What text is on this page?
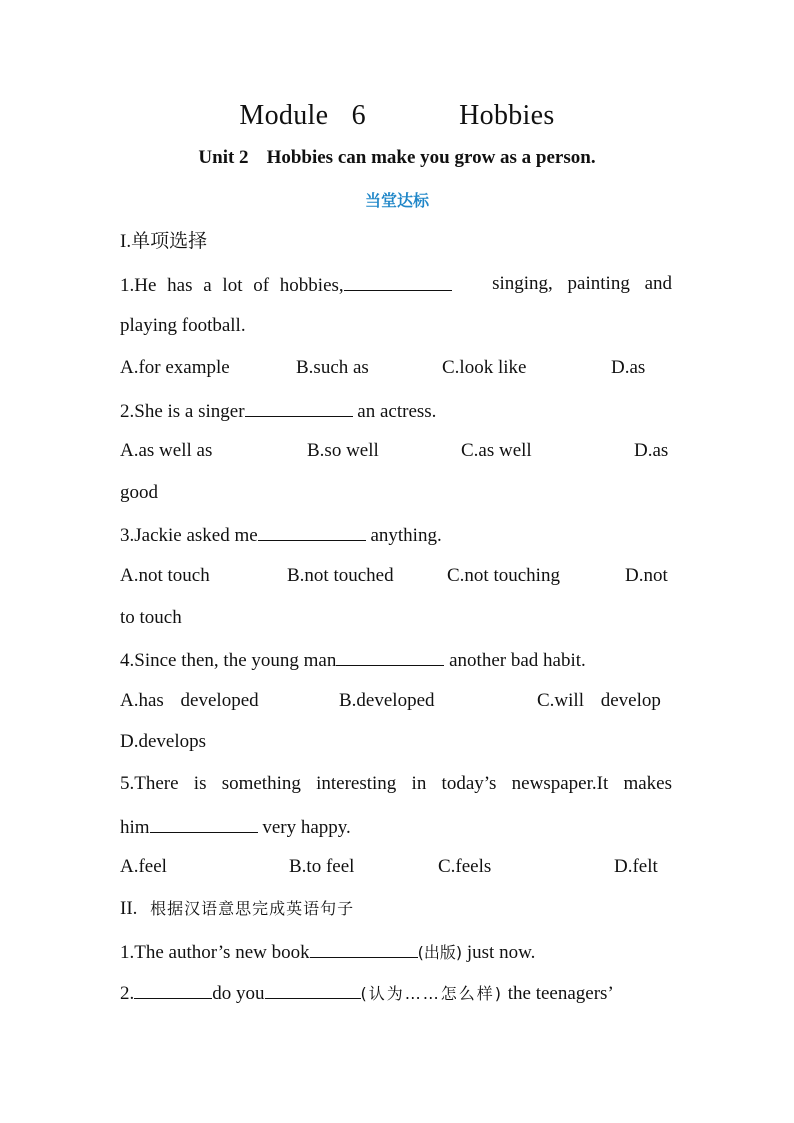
Module 6    Hobbies
Unit 2 Hobbies can make you grow as a person.
当堂达标
I.单项选择
1.He has a lot of hobbies,	singing, painting and
playing football.
A.for example	B.such as	C.look like	D.as
2.She is a singer	an actress.
A.as well as	B.so well	C.as well	D.as
good
3.Jackie asked me	anything.
A.not touch	B.not touched	C.not touching	D.not
to touch
4.Since then, the young man	another bad habit.
A.has developed	B.developed	C.will develop
D.develops
5.There is something interesting in today’s newspaper.It makes
him	very happy.
A.feel	B.to feel	C.feels	D.felt
II. 根据汉语意思完成英语句子
1.The author’s new book	(出版) just now.
2.	do you	(认为……怎么样) the teenagers’
